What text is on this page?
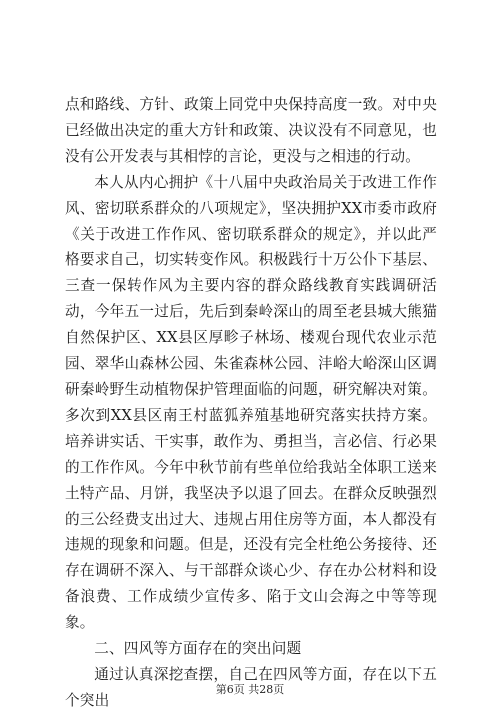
点和路线、方针、政策上同党中央保持高度一致。对中央已经做出决定的重大方针和政策、决议没有不同意见，也没有公开发表与其相悖的言论，更没与之相违的行动。

本人从内心拥护《十八届中央政治局关于改进工作作风、密切联系群众的八项规定》，坚决拥护XX市委市政府《关于改进工作作风、密切联系群众的规定》，并以此严格要求自己，切实转变作风。积极践行十万公仆下基层、三查一保转作风为主要内容的群众路线教育实践调研活动，今年五一过后，先后到秦岭深山的周至老县城大熊猫自然保护区、XX县区厚畛子林场、楼观台现代农业示范园、翠华山森林公园、朱雀森林公园、沣峪大峪深山区调研秦岭野生动植物保护管理面临的问题，研究解决对策。多次到XX县区南王村蓝狐养殖基地研究落实扶持方案。培养讲实话、干实事，敢作为、勇担当，言必信、行必果的工作作风。今年中秋节前有些单位给我站全体职工送来土特产品、月饼，我坚决予以退了回去。在群众反映强烈的三公经费支出过大、违规占用住房等方面，本人都没有违规的现象和问题。但是，还没有完全杜绝公务接待、还存在调研不深入、与干部群众谈心少、存在办公材料和设备浪费、工作成绩少宣传多、陷于文山会海之中等等现象。

二、四风等方面存在的突出问题

通过认真深挖查摆，自己在四风等方面，存在以下五个突出

第6页 共28页
